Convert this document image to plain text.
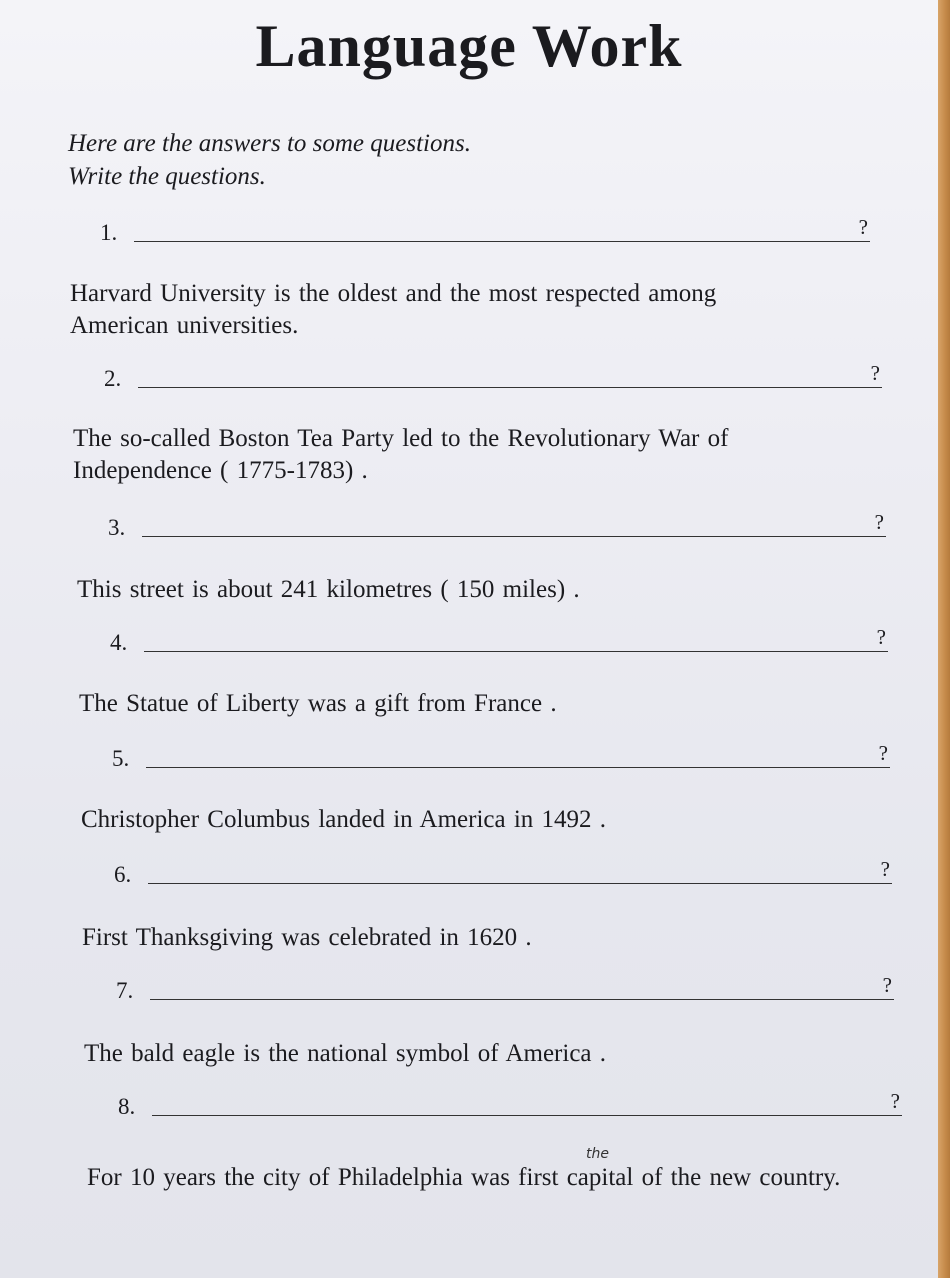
Language Work
Here are the answers to some questions.
Write the questions.
1.	?
Harvard University is the oldest and the most respected among American universities.
2.	?
The so-called Boston Tea Party led to the Revolutionary War of Independence ( 1775-1783) .
3.	?
This street is about 241 kilometres ( 150 miles) .
4.	?
The Statue of Liberty was a gift from France .
5.	?
Christopher Columbus landed in America in 1492 .
6.	?
First Thanksgiving was celebrated in 1620 .
7.	?
The bald eagle is the national symbol of America .
8.	?
the
For 10 years the city of Philadelphia was first capital of the new country.
